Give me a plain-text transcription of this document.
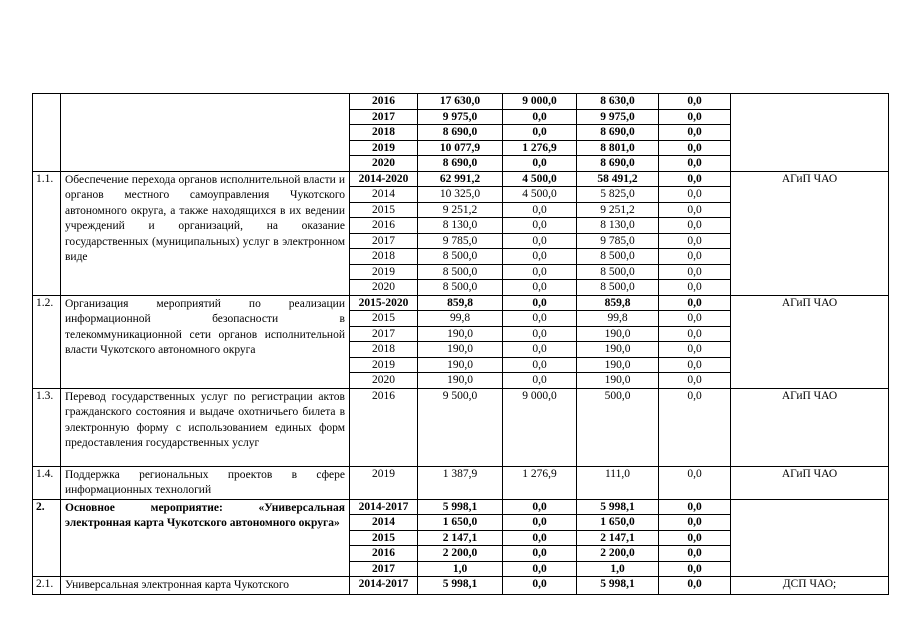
		2016	17 630,0	9 000,0	8 630,0	0,0	
		2017	9 975,0	0,0	9 975,0	0,0	
		2018	8 690,0	0,0	8 690,0	0,0	
		2019	10 077,9	1 276,9	8 801,0	0,0	
		2020	8 690,0	0,0	8 690,0	0,0	
1.1.	Обеспечение перехода органов исполнительной власти и органов местного самоуправления Чукотского автономного округа, а также находящихся в их ведении учреждений и организаций, на оказание государственных (муниципальных) услуг в электронном виде	2014-2020	62 991,2	4 500,0	58 491,2	0,0	АГиП ЧАО
		2014	10 325,0	4 500,0	5 825,0	0,0	
		2015	9 251,2	0,0	9 251,2	0,0	
		2016	8 130,0	0,0	8 130,0	0,0	
		2017	9 785,0	0,0	9 785,0	0,0	
		2018	8 500,0	0,0	8 500,0	0,0	
		2019	8 500,0	0,0	8 500,0	0,0	
		2020	8 500,0	0,0	8 500,0	0,0	
1.2.	Организация мероприятий по реализации информационной безопасности в телекоммуникационной сети органов исполнительной власти Чукотского автономного округа	2015-2020	859,8	0,0	859,8	0,0	АГиП ЧАО
		2015	99,8	0,0	99,8	0,0	
		2017	190,0	0,0	190,0	0,0	
		2018	190,0	0,0	190,0	0,0	
		2019	190,0	0,0	190,0	0,0	
		2020	190,0	0,0	190,0	0,0	
1.3.	Перевод государственных услуг по регистрации актов гражданского состояния и выдаче охотничьего билета в электронную форму с использованием единых форм предоставления государственных услуг	2016	9 500,0	9 000,0	500,0	0,0	АГиП ЧАО
1.4.	Поддержка региональных проектов в сфере информационных технологий	2019	1 387,9	1 276,9	111,0	0,0	АГиП ЧАО
2.	Основное мероприятие: «Универсальная электронная карта Чукотского автономного округа»	2014-2017	5 998,1	0,0	5 998,1	0,0	
		2014	1 650,0	0,0	1 650,0	0,0	
		2015	2 147,1	0,0	2 147,1	0,0	
		2016	2 200,0	0,0	2 200,0	0,0	
		2017	1,0	0,0	1,0	0,0	
2.1.	Универсальная электронная карта Чукотского	2014-2017	5 998,1	0,0	5 998,1	0,0	ДСП ЧАО;
